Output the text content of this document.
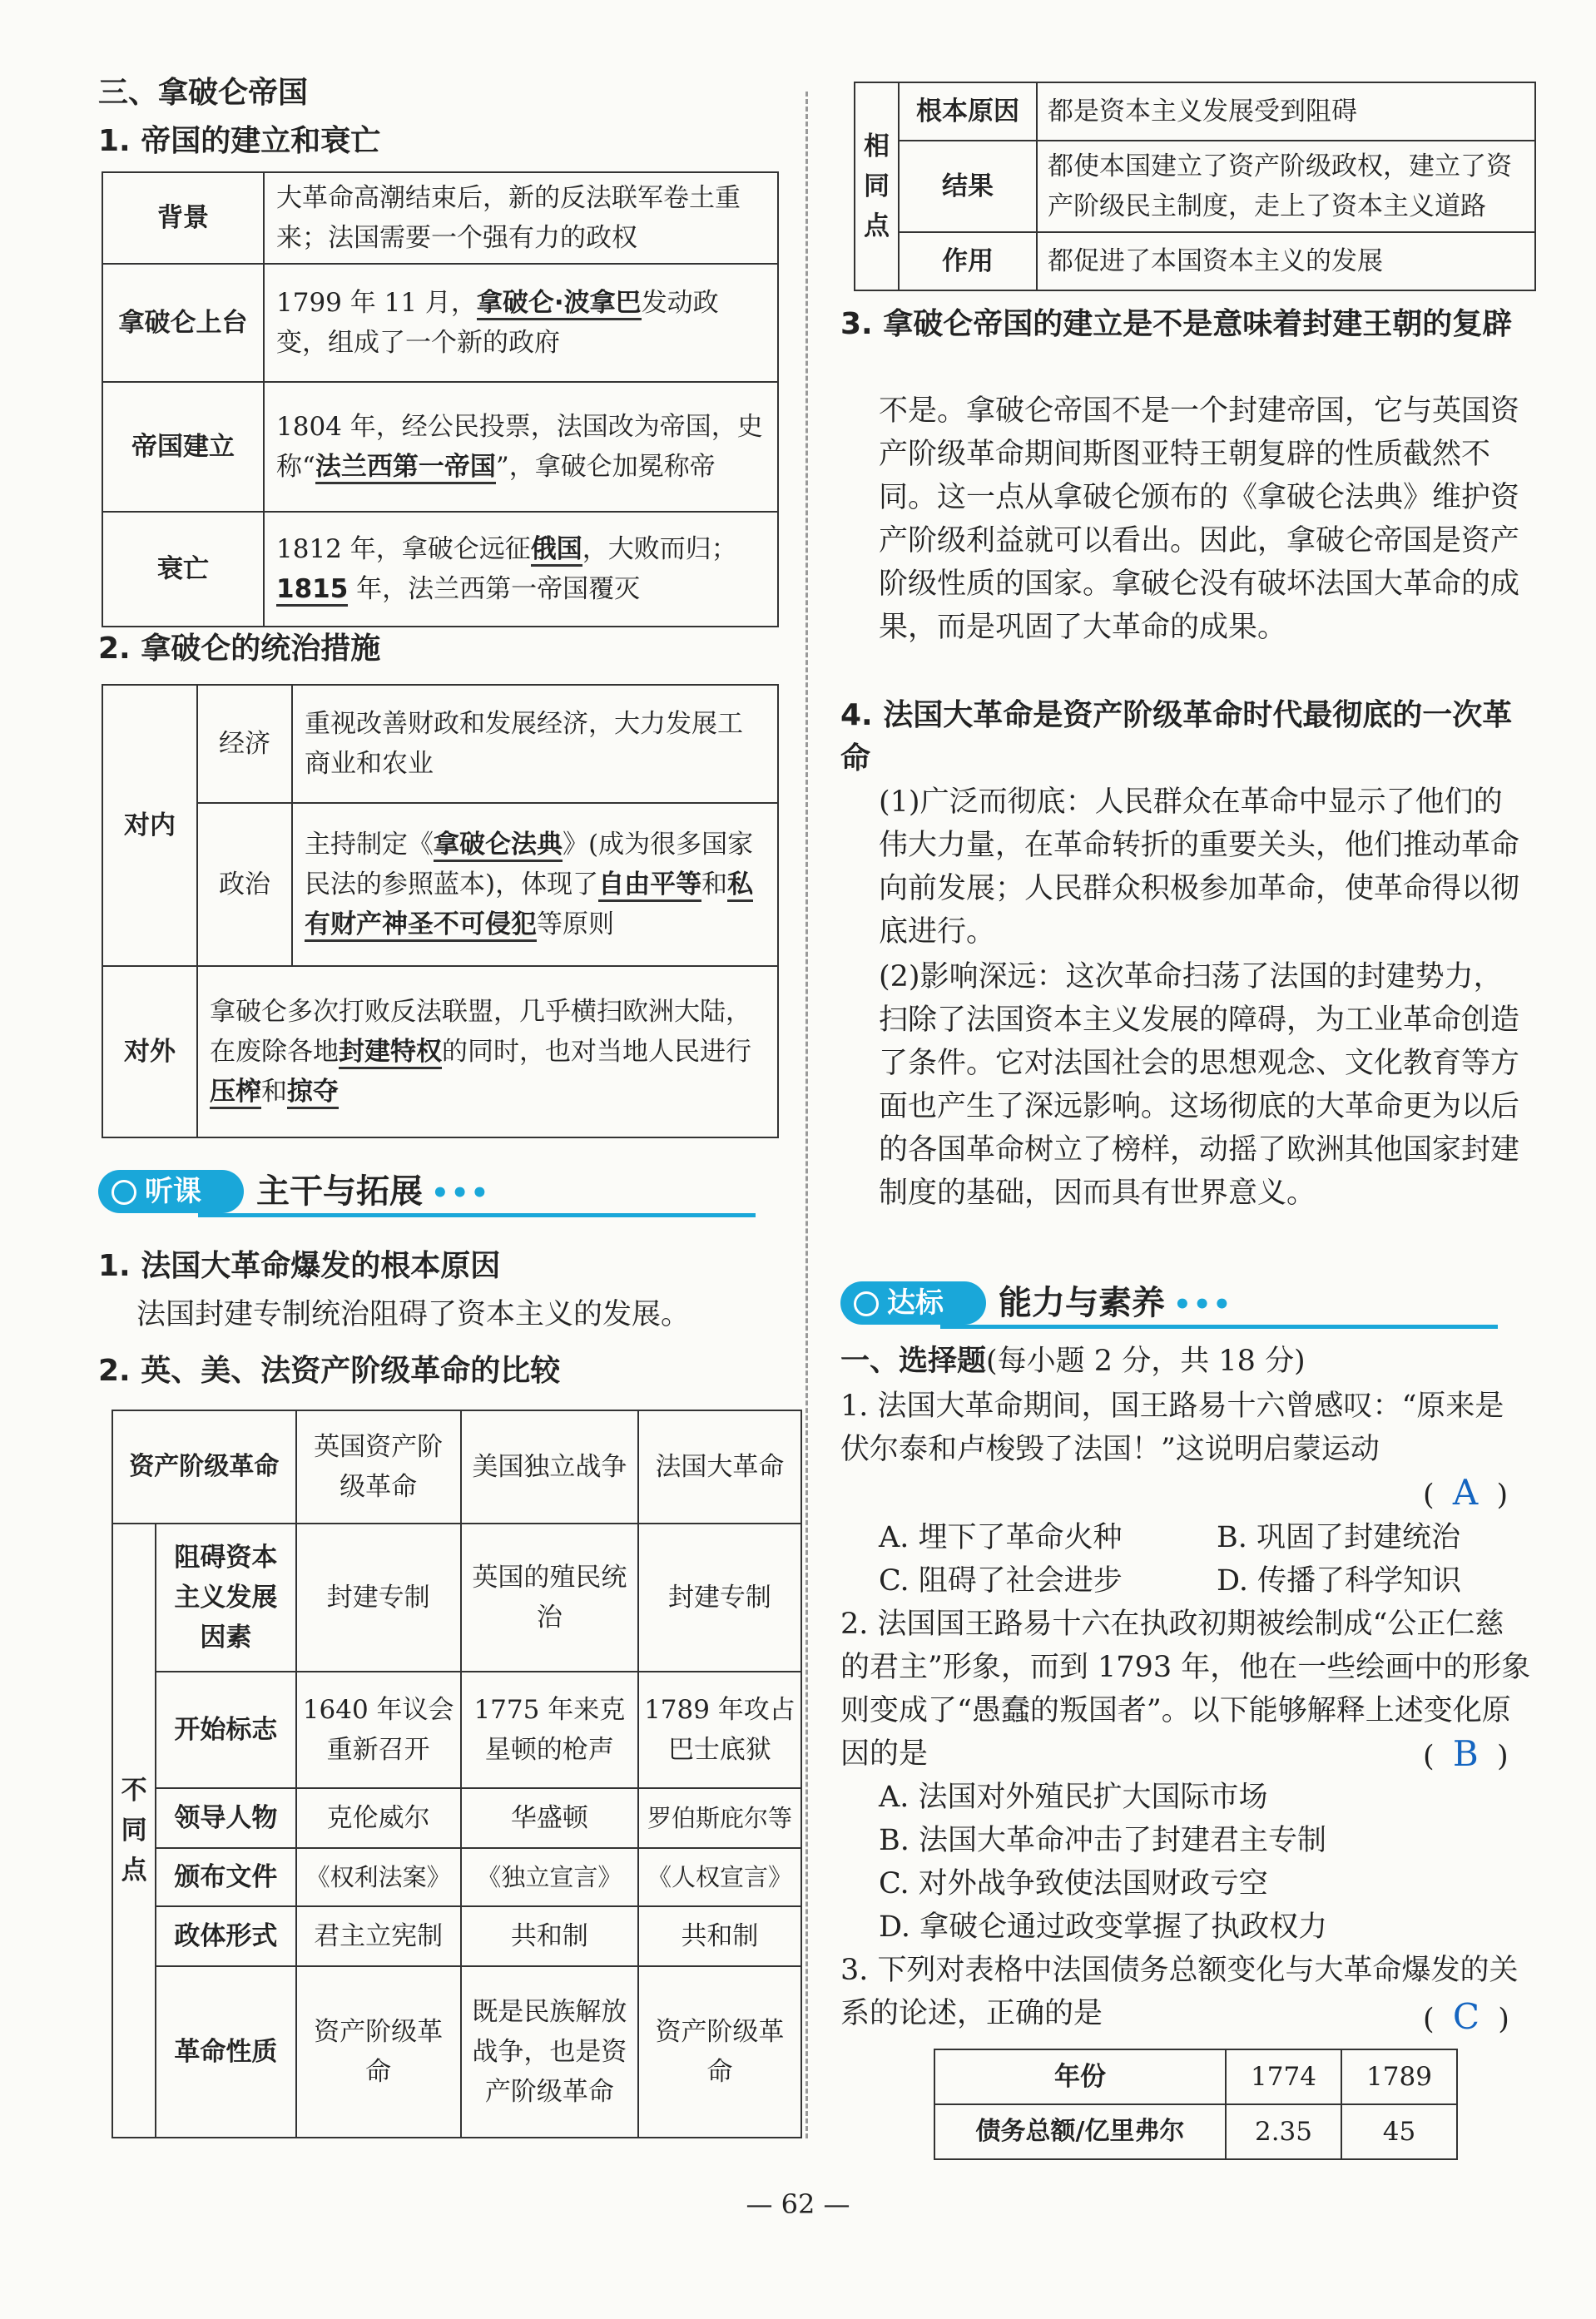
三、拿破仑帝国
1. 帝国的建立和衰亡
背景	大革命高潮结束后，新的反法联军卷土重来；法国需要一个强有力的政权
拿破仑上台	1799 年 11 月，拿破仑·波拿巴发动政变，组成了一个新的政府
帝国建立	1804 年，经公民投票，法国改为帝国，史称“法兰西第一帝国”，拿破仑加冕称帝
衰亡	1812 年，拿破仑远征俄国，大败而归；1815 年，法兰西第一帝国覆灭
2. 拿破仑的统治措施
对内	经济	重视改善财政和发展经济，大力发展工商业和农业
	政治	主持制定《拿破仑法典》(成为很多国家民法的参照蓝本)，体现了自由平等和私有财产神圣不可侵犯等原则
对外	拿破仑多次打败反法联盟，几乎横扫欧洲大陆，在废除各地封建特权的同时，也对当地人民进行压榨和掠夺	
听课	主干与拓展 •••
1. 法国大革命爆发的根本原因
法国封建专制统治阻碍了资本主义的发展。
2. 英、美、法资产阶级革命的比较
资产阶级革命		英国资产阶级革命	美国独立战争	法国大革命
不同点	阻碍资本主义发展因素	封建专制	英国的殖民统治	封建专制
	开始标志	1640 年议会重新召开	1775 年来克星顿的枪声	1789 年攻占巴士底狱
	领导人物	克伦威尔	华盛顿	罗伯斯庇尔等
	颁布文件	《权利法案》	《独立宣言》	《人权宣言》
	政体形式	君主立宪制	共和制	共和制
	革命性质	资产阶级革命	既是民族解放战争，也是资产阶级革命	资产阶级革命
相同点	根本原因	都是资本主义发展受到阻碍
	结果	都使本国建立了资产阶级政权，建立了资产阶级民主制度，走上了资本主义道路
	作用	都促进了本国资本主义的发展
3. 拿破仑帝国的建立是不是意味着封建王朝的复辟
不是。拿破仑帝国不是一个封建帝国，它与英国资产阶级革命期间斯图亚特王朝复辟的性质截然不同。这一点从拿破仑颁布的《拿破仑法典》维护资产阶级利益就可以看出。因此，拿破仑帝国是资产阶级性质的国家。拿破仑没有破坏法国大革命的成果，而是巩固了大革命的成果。
4. 法国大革命是资产阶级革命时代最彻底的一次革命
(1)广泛而彻底：人民群众在革命中显示了他们的伟大力量，在革命转折的重要关头，他们推动革命向前发展；人民群众积极参加革命，使革命得以彻底进行。
(2)影响深远：这次革命扫荡了法国的封建势力，扫除了法国资本主义发展的障碍，为工业革命创造了条件。它对法国社会的思想观念、文化教育等方面也产生了深远影响。这场彻底的大革命更为以后的各国革命树立了榜样，动摇了欧洲其他国家封建制度的基础，因而具有世界意义。
达标	能力与素养 •••
一、选择题(每小题 2 分，共 18 分)
1. 法国大革命期间，国王路易十六曾感叹：“原来是伏尔泰和卢梭毁了法国！”这说明启蒙运动
(  A  )
A. 埋下了革命火种	B. 巩固了封建统治
C. 阻碍了社会进步	D. 传播了科学知识
2. 法国国王路易十六在执政初期被绘制成“公正仁慈的君主”形象，而到 1793 年，他在一些绘画中的形象则变成了“愚蠢的叛国者”。以下能够解释上述变化原因的是	(  B  )
A. 法国对外殖民扩大国际市场
B. 法国大革命冲击了封建君主专制
C. 对外战争致使法国财政亏空
D. 拿破仑通过政变掌握了执政权力
3. 下列对表格中法国债务总额变化与大革命爆发的关系的论述，正确的是	(  C  )
年份	1774	1789
债务总额/亿里弗尔	2.35	45
— 62 —
